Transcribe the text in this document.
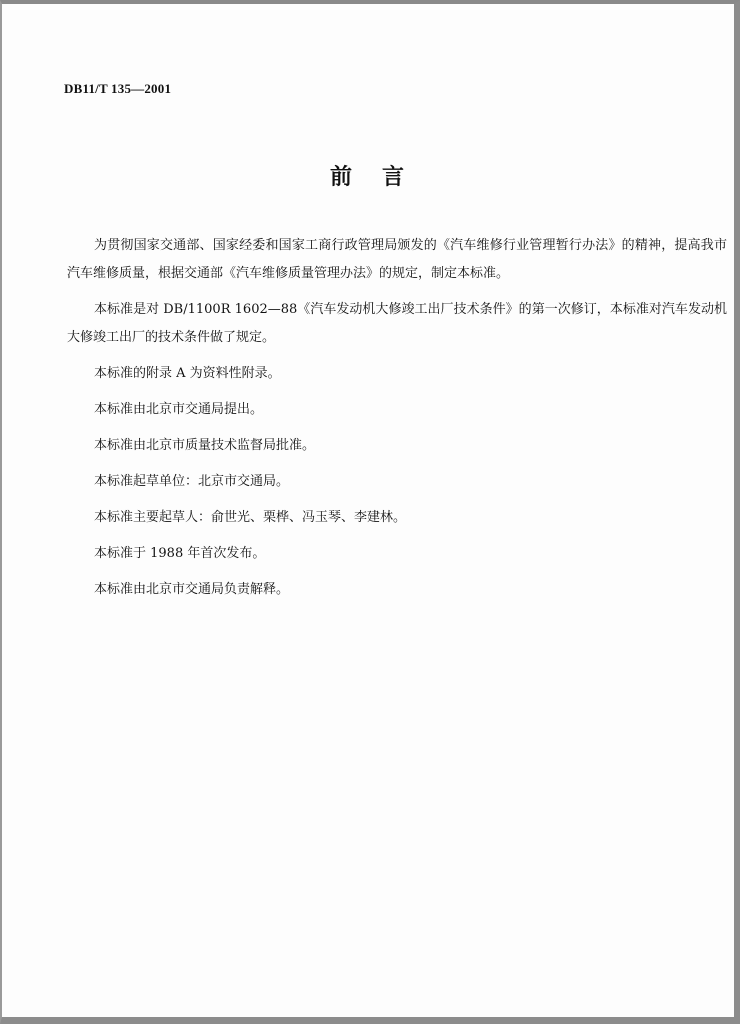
DB11/T 135—2001
前言

为贯彻国家交通部、国家经委和国家工商行政管理局颁发的《汽车维修行业管理暂行办法》的精神，提高我市汽车维修质量，根据交通部《汽车维修质量管理办法》的规定，制定本标准。

本标准是对 DB/1100R 1602—88《汽车发动机大修竣工出厂技术条件》的第一次修订，本标准对汽车发动机大修竣工出厂的技术条件做了规定。

本标准的附录 A 为资料性附录。

本标准由北京市交通局提出。

本标准由北京市质量技术监督局批准。

本标准起草单位：北京市交通局。

本标准主要起草人：俞世光、栗桦、冯玉琴、李建林。

本标准于 1988 年首次发布。

本标准由北京市交通局负责解释。
